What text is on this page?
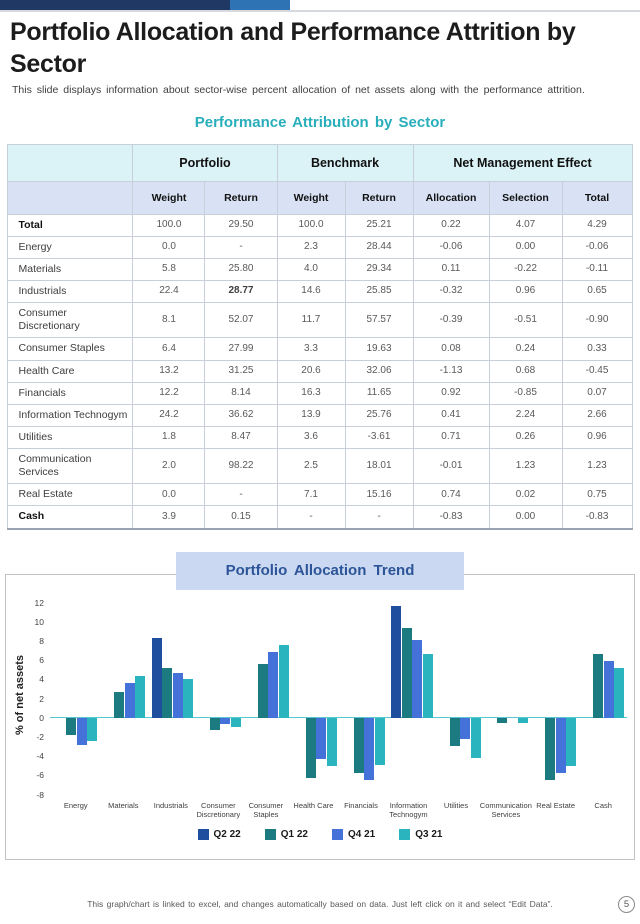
Portfolio Allocation and Performance Attrition by Sector

This slide displays information about sector-wise percent allocation of net assets along with the performance attrition.

Performance Attribution by Sector
	Portfolio		Benchmark		Net Management Effect		
	Weight	Return	Weight	Return	Allocation	Selection	Total
Total	100.0	29.50	100.0	25.21	0.22	4.07	4.29
Energy	0.0	-	2.3	28.44	-0.06	0.00	-0.06
Materials	5.8	25.80	4.0	29.34	0.11	-0.22	-0.11
Industrials	22.4	28.77	14.6	25.85	-0.32	0.96	0.65
Consumer Discretionary	8.1	52.07	11.7	57.57	-0.39	-0.51	-0.90
Consumer Staples	6.4	27.99	3.3	19.63	0.08	0.24	0.33
Health Care	13.2	31.25	20.6	32.06	-1.13	0.68	-0.45
Financials	12.2	8.14	16.3	11.65	0.92	-0.85	0.07
Information Technogym	24.2	36.62	13.9	25.76	0.41	2.24	2.66
Utilities	1.8	8.47	3.6	-3.61	0.71	0.26	0.96
Communication Services	2.0	98.22	2.5	18.01	-0.01	1.23	1.23
Real Estate	0.0	-	7.1	15.16	0.74	0.02	0.75
Cash	3.9	0.15	-	-	-0.83	0.00	-0.83
Portfolio Allocation Trend
% of net assets
12
10
8
6
4
2
0
-2
-4
-6
-8
Energy	Materials	Industrials	Consumer Discretionary
Consumer Staples
Health Care	Financials	Information Technogym
Utilities	Communication Services
Real Estate	Cash
Q2 22	Q1 22	Q4 21	Q3 21
This graph/chart is linked to excel, and changes automatically based on data. Just left click on it and select “Edit Data”.	5
